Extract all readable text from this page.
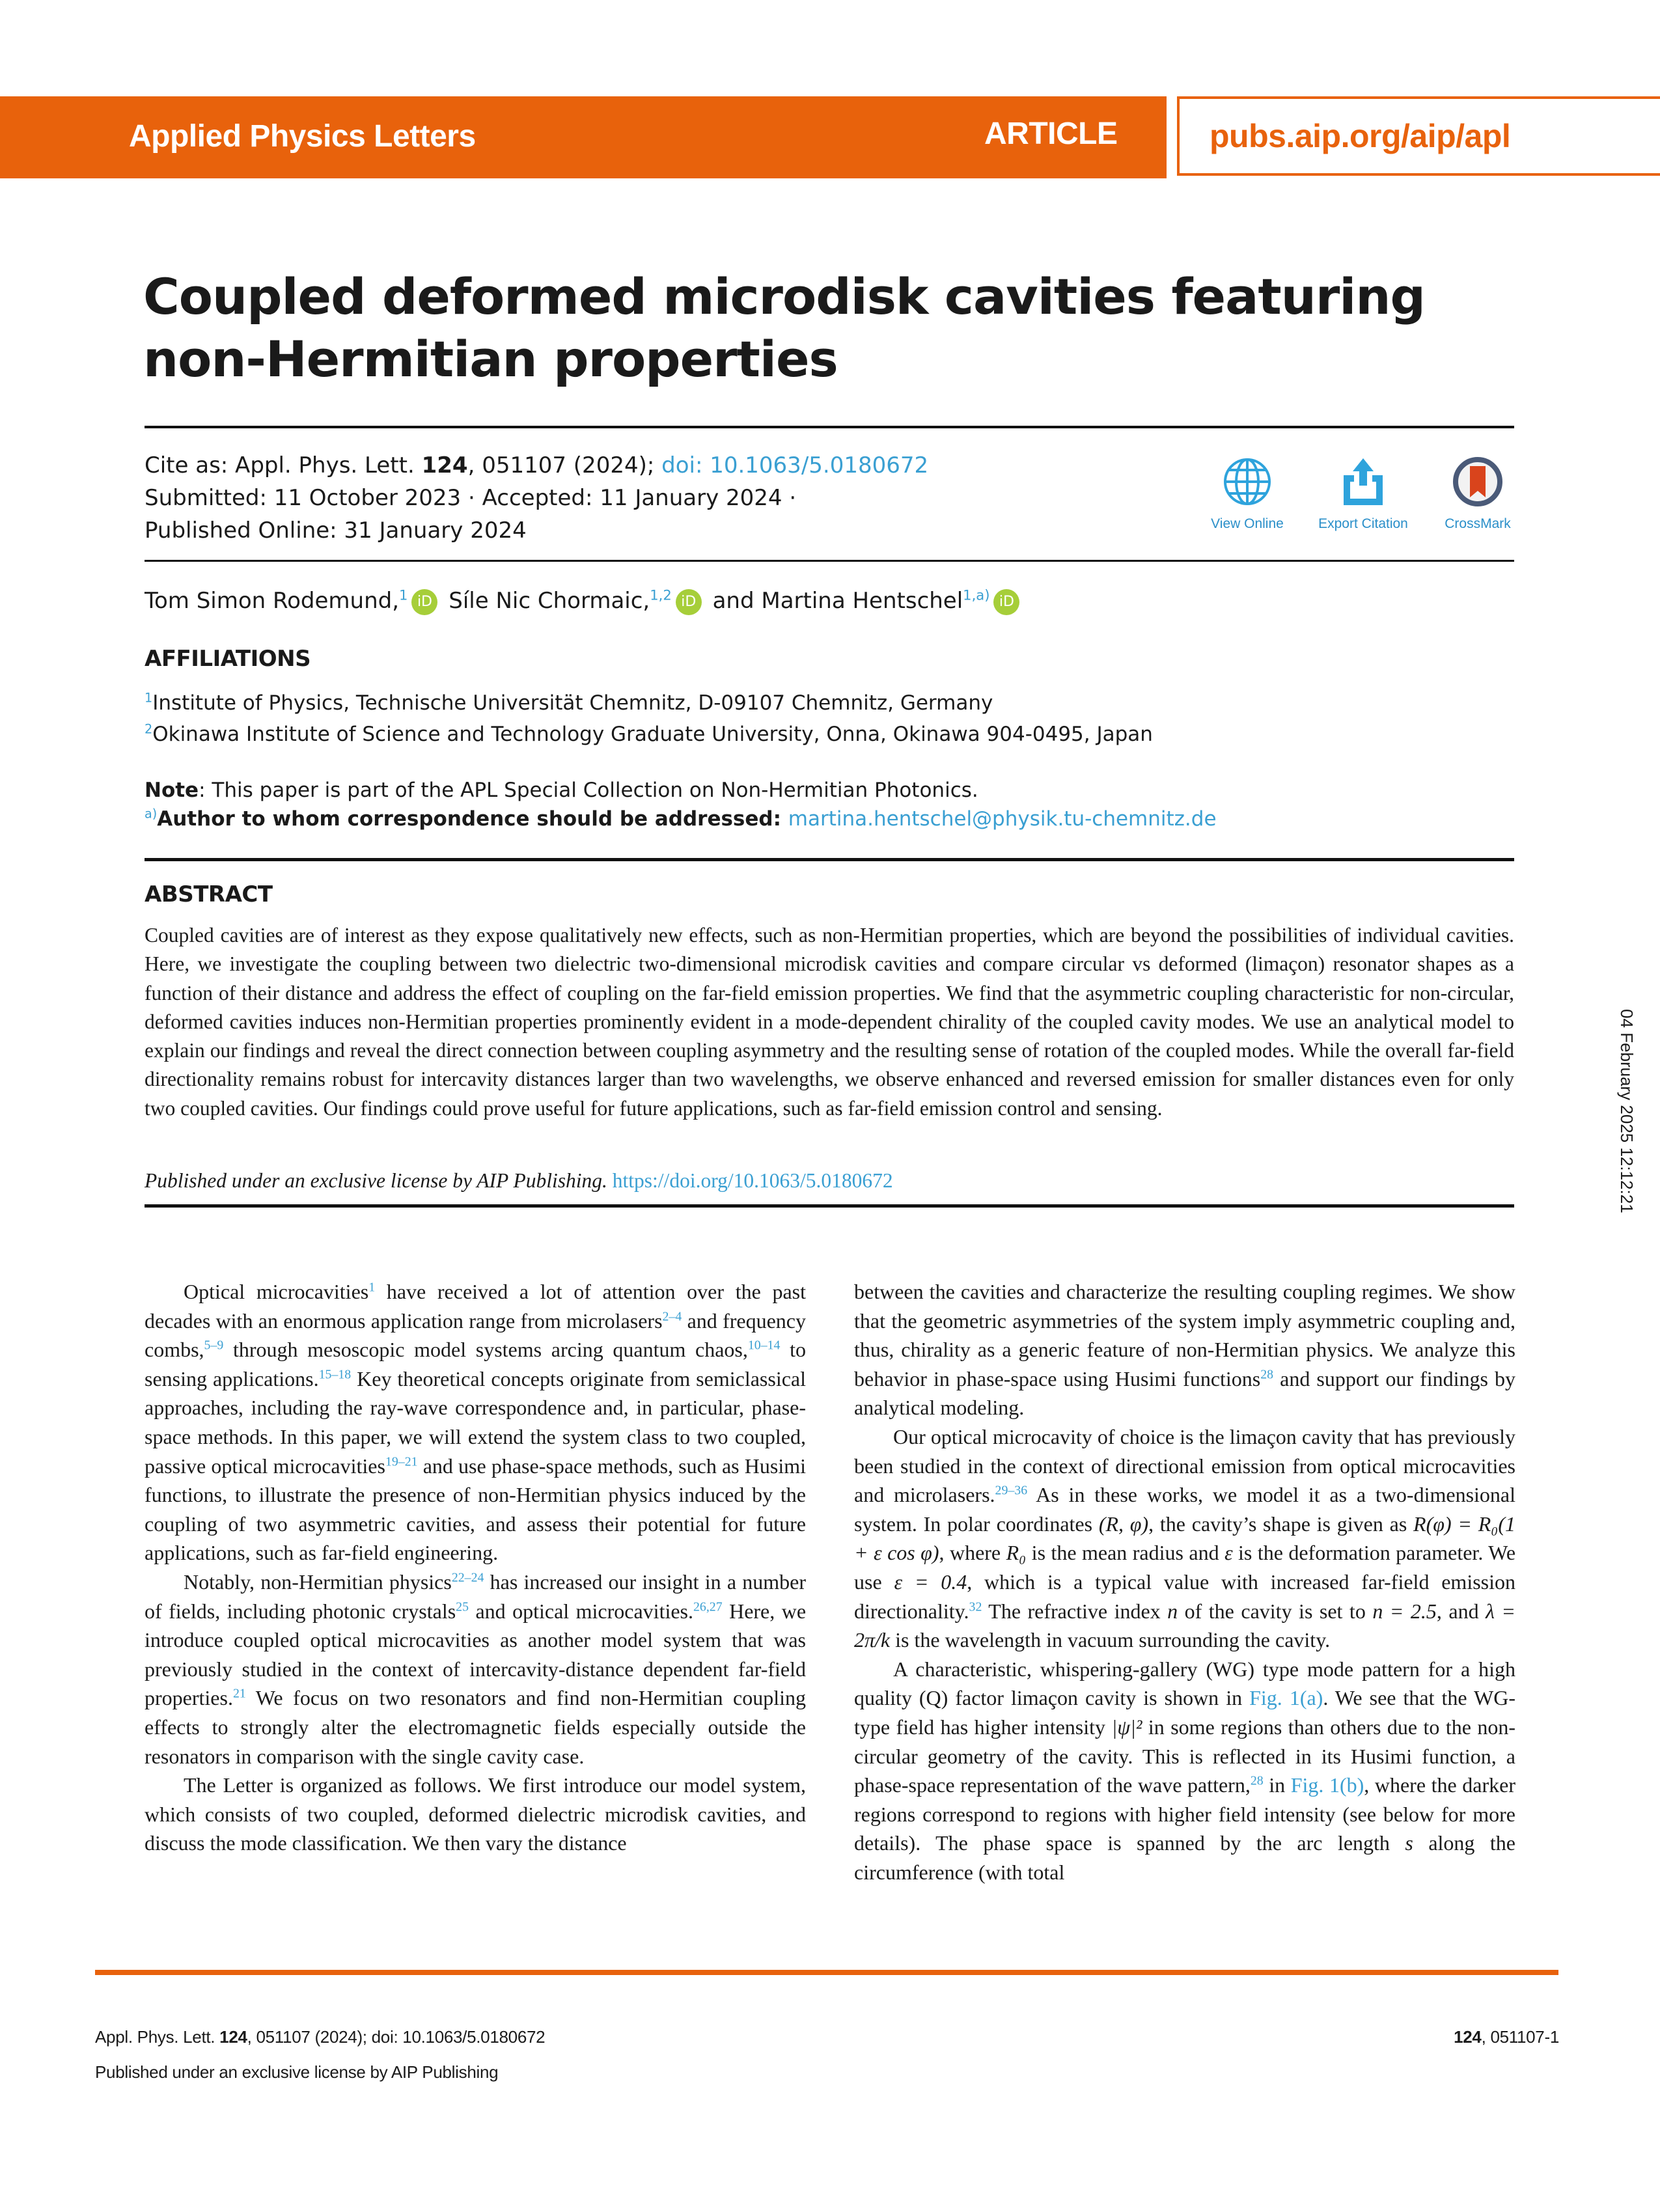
Applied Physics Letters	ARTICLE	pubs.aip.org/aip/apl
Coupled deformed microdisk cavities featuring non-Hermitian properties
Cite as: Appl. Phys. Lett. 124, 051107 (2024); doi: 10.1063/5.0180672
Submitted: 11 October 2023 · Accepted: 11 January 2024 ·
Published Online: 31 January 2024	View Online	Export Citation	CrossMark
Tom Simon Rodemund,$^1$ iD Síle Nic Chormaic,$^{1,2}$ iD and Martina Hentschel$^{1,a)}$ iD
AFFILIATIONS
$^1$Institute of Physics, Technische Universität Chemnitz, D-09107 Chemnitz, Germany
$^2$Okinawa Institute of Science and Technology Graduate University, Onna, Okinawa 904-0495, Japan
Note: This paper is part of the APL Special Collection on Non-Hermitian Photonics.
$^{a)}$Author to whom correspondence should be addressed: martina.hentschel@physik.tu-chemnitz.de
ABSTRACT
Coupled cavities are of interest as they expose qualitatively new effects, such as non-Hermitian properties, which are beyond the possibilities of individual cavities. Here, we investigate the coupling between two dielectric two-dimensional microdisk cavities and compare circular vs deformed (limaçon) resonator shapes as a function of their distance and address the effect of coupling on the far-field emission properties. We find that the asymmetric coupling characteristic for non-circular, deformed cavities induces non-Hermitian properties prominently evident in a mode-dependent chirality of the coupled cavity modes. We use an analytical model to explain our findings and reveal the direct connection between coupling asymmetry and the resulting sense of rotation of the coupled modes. While the overall far-field directionality remains robust for intercavity distances larger than two wavelengths, we observe enhanced and reversed emission for smaller distances even for only two coupled cavities. Our findings could prove useful for future applications, such as far-field emission control and sensing.
Published under an exclusive license by AIP Publishing. https://doi.org/10.1063/5.0180672

Optical microcavities$^1$ have received a lot of attention over the past decades with an enormous application range from microlasers$^{2-4}$ and frequency combs,$^{5-9}$ through mesoscopic model systems arcing quantum chaos,$^{10-14}$ to sensing applications.$^{15-18}$ Key theoretical concepts originate from semiclassical approaches, including the ray-wave correspondence and, in particular, phase-space methods. In this paper, we will extend the system class to two coupled, passive optical microcavities$^{19-21}$ and use phase-space methods, such as Husimi functions, to illustrate the presence of non-Hermitian physics induced by the coupling of two asymmetric cavities, and assess their potential for future applications, such as far-field engineering.

Notably, non-Hermitian physics$^{22-24}$ has increased our insight in a number of fields, including photonic crystals$^{25}$ and optical microcavities.$^{26,27}$ Here, we introduce coupled optical microcavities as another model system that was previously studied in the context of intercavity-distance dependent far-field properties.$^{21}$ We focus on two resonators and find non-Hermitian coupling effects to strongly alter the electromagnetic fields especially outside the resonators in comparison with the single cavity case.

The Letter is organized as follows. We first introduce our model system, which consists of two coupled, deformed dielectric microdisk cavities, and discuss the mode classification. We then vary the distance

between the cavities and characterize the resulting coupling regimes. We show that the geometric asymmetries of the system imply asymmetric coupling and, thus, chirality as a generic feature of non-Hermitian physics. We analyze this behavior in phase-space using Husimi functions$^{28}$ and support our findings by analytical modeling.

Our optical microcavity of choice is the limaçon cavity that has previously been studied in the context of directional emission from optical microcavities and microlasers.$^{29-36}$ As in these works, we model it as a two-dimensional system. In polar coordinates (R, φ), the cavity’s shape is given as R(φ) = R₀(1 + ε cos φ), where R₀ is the mean radius and ε is the deformation parameter. We use ε = 0.4, which is a typical value with increased far-field emission directionality.$^{32}$ The refractive index n of the cavity is set to n = 2.5, and λ = 2π/k is the wavelength in vacuum surrounding the cavity.

A characteristic, whispering-gallery (WG) type mode pattern for a high quality (Q) factor limaçon cavity is shown in Fig. 1(a). We see that the WG-type field has higher intensity |ψ|² in some regions than others due to the non-circular geometry of the cavity. This is reflected in its Husimi function, a phase-space representation of the wave pattern,$^{28}$ in Fig. 1(b), where the darker regions correspond to regions with higher field intensity (see below for more details). The phase space is spanned by the arc length s along the circumference (with total

04 February 2025 12:12:21
Appl. Phys. Lett. 124, 051107 (2024); doi: 10.1063/5.0180672
Published under an exclusive license by AIP Publishing
124, 051107-1
